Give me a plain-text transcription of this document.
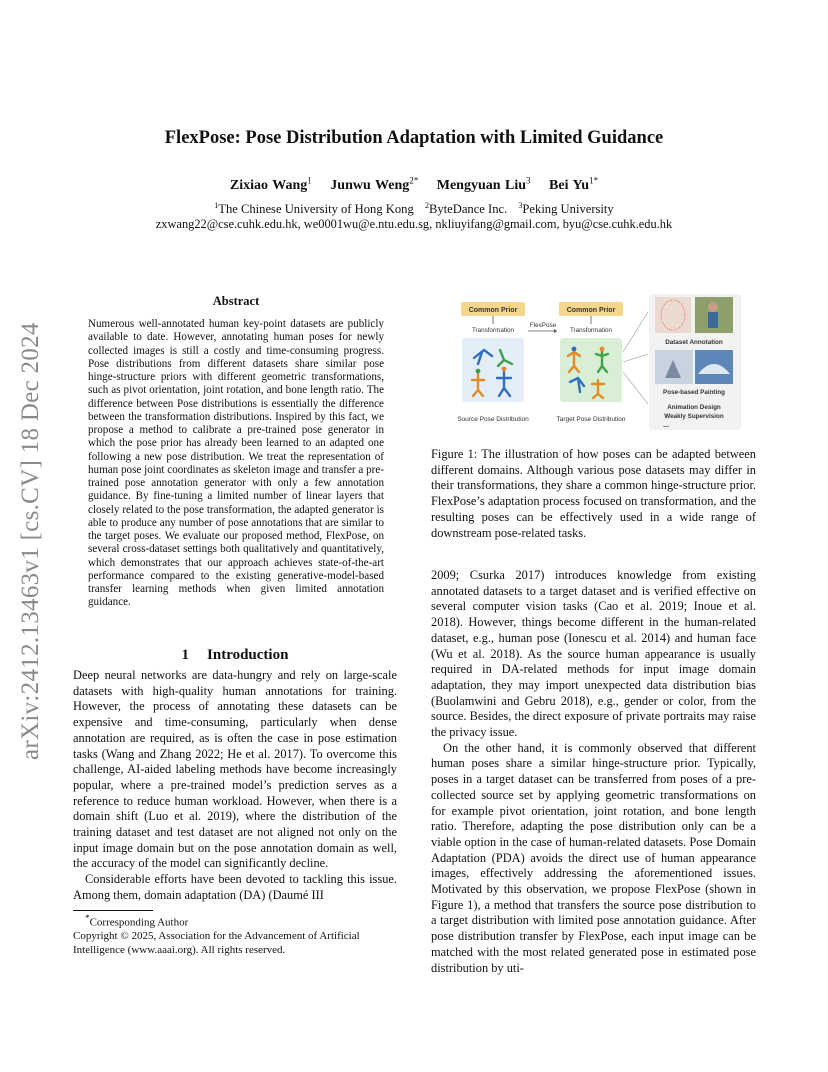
FlexPose: Pose Distribution Adaptation with Limited Guidance
Zixiao Wang$^1$ Junwu Weng$^{2*}$ Mengyuan Liu$^3$ Bei $Yu^{1*}$
$^1$The Chinese University of Hong Kong $^2$ByteDance Inc. $^3$Peking University
zxwang22@cse.cuhk.edu.hk, we0001wu@e.ntu.edu.sg, nkliuyifang@gmail.com, byu@cse.cuhk.edu.hk
arXiv:2412.13463v1 [cs.CV] 18 Dec 2024
Abstract
Numerous well-annotated human key-point datasets are publicly available to date. However, annotating human poses for newly collected images is still a costly and time-consuming progress. Pose distributions from different datasets share similar pose hinge-structure priors with different geometric transformations, such as pivot orientation, joint rotation, and bone length ratio. The difference between Pose distributions is essentially the difference between the transformation distributions. Inspired by this fact, we propose a method to calibrate a pre-trained pose generator in which the pose prior has already been learned to an adapted one following a new pose distribution. We treat the representation of human pose joint coordinates as skeleton image and transfer a pre-trained pose annotation generator with only a few annotation guidance. By fine-tuning a limited number of linear layers that closely related to the pose transformation, the adapted generator is able to produce any number of pose annotations that are similar to the target poses. We evaluate our proposed method, FlexPose, on several cross-dataset settings both qualitatively and quantitatively, which demonstrates that our approach achieves state-of-the-art performance compared to the existing generative-model-based transfer learning methods when given limited annotation guidance.
1 Introduction

Deep neural networks are data-hungry and rely on large-scale datasets with high-quality human annotations for training. However, the process of annotating these datasets can be expensive and time-consuming, particularly when dense annotation are required, as is often the case in pose estimation tasks (Wang and Zhang 2022; He et al. 2017). To overcome this challenge, AI-aided labeling methods have become increasingly popular, where a pre-trained model’s prediction serves as a reference to reduce human workload. However, when there is a domain shift (Luo et al. 2019), where the distribution of the training dataset and test dataset are not aligned not only on the input image domain but on the pose annotation domain as well, the accuracy of the model can significantly decline.

Considerable efforts have been devoted to tackling this issue. Among them, domain adaptation (DA) (Daumé III

*Corresponding Author
Copyright © 2025, Association for the Advancement of Artificial Intelligence (www.aaai.org). All rights reserved.
Common Prior
Transformation
Source Pose Distribution
FlexPose
Common Prior
Transformation
Target Pose Distribution
Dataset Annotation
Pose-based Painting
Animation Design
Weakly Supervision
...
Figure 1: The illustration of how poses can be adapted between different domains. Although various pose datasets may differ in their transformations, they share a common hinge-structure prior. FlexPose’s adaptation process focused on transformation, and the resulting poses can be effectively used in a wide range of downstream pose-related tasks.

2009; Csurka 2017) introduces knowledge from existing annotated datasets to a target dataset and is verified effective on several computer vision tasks (Cao et al. 2019; Inoue et al. 2018). However, things become different in the human-related dataset, e.g., human pose (Ionescu et al. 2014) and human face (Wu et al. 2018). As the source human appearance is usually required in DA-related methods for input image domain adaptation, they may import unexpected data distribution bias (Buolamwini and Gebru 2018), e.g., gender or color, from the source. Besides, the direct exposure of private portraits may raise the privacy issue.

On the other hand, it is commonly observed that different human poses share a similar hinge-structure prior. Typically, poses in a target dataset can be transferred from poses of a pre-collected source set by applying geometric transformations on for example pivot orientation, joint rotation, and bone length ratio. Therefore, adapting the pose distribution only can be a viable option in the case of human-related datasets. Pose Domain Adaptation (PDA) avoids the direct use of human appearance images, effectively addressing the aforementioned issues. Motivated by this observation, we propose FlexPose (shown in Figure 1), a method that transfers the source pose distribution to a target distribution with limited pose annotation guidance. After pose distribution transfer by FlexPose, each input image can be matched with the most related generated pose in estimated pose distribution by uti-
